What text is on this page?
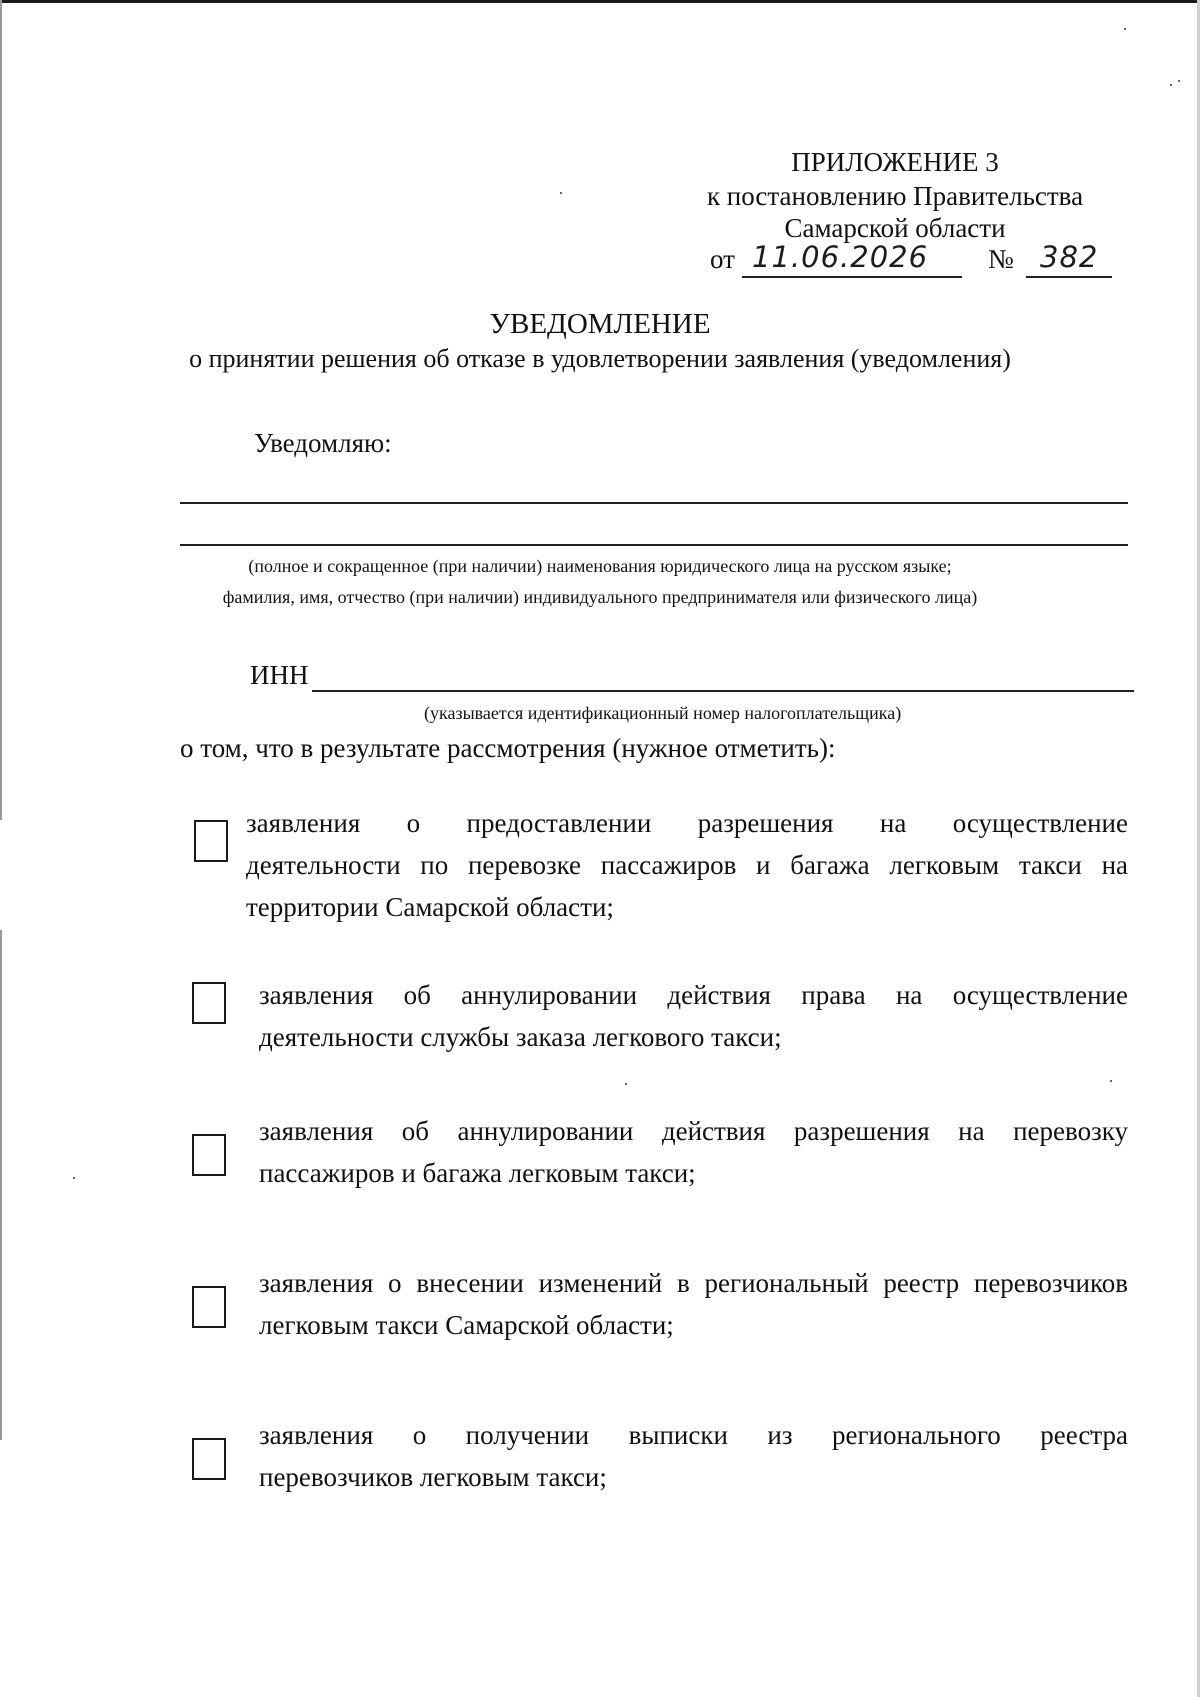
ПРИЛОЖЕНИЕ 3
к постановлению Правительства
Самарской области
от 11.06.2026 № 382
УВЕДОМЛЕНИЕ
о принятии решения об отказе в удовлетворении заявления (уведомления)
Уведомляю:
(полное и сокращенное (при наличии) наименования юридического лица на русском языке;
фамилия, имя, отчество (при наличии) индивидуального предпринимателя или физического лица)
ИНН
(указывается идентификационный номер налогоплательщика)
о том, что в результате рассмотрения (нужное отметить):
заявления о предоставлении разрешения на осуществление
деятельности по перевозке пассажиров и багажа легковым такси на
территории Самарской области;
заявления об аннулировании действия права на осуществление
деятельности службы заказа легкового такси;
заявления об аннулировании действия разрешения на перевозку
пассажиров и багажа легковым такси;
заявления о внесении изменений в региональный реестр перевозчиков
легковым такси Самарской области;
заявления о получении выписки из регионального реестра
перевозчиков легковым такси;
